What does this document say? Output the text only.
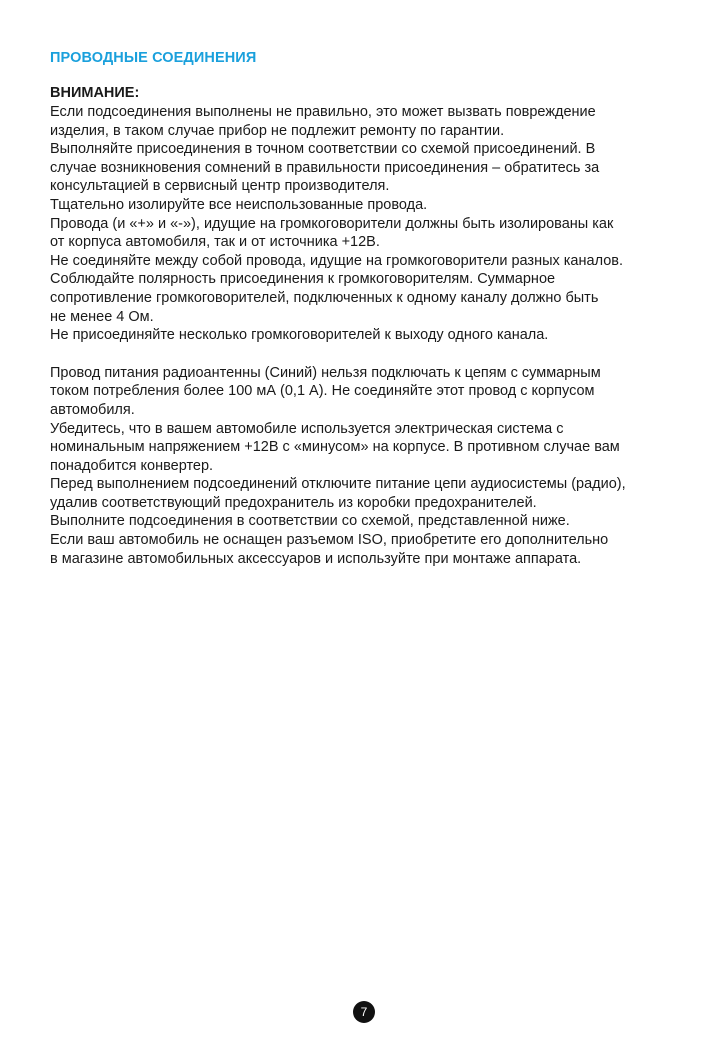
ПРОВОДНЫЕ СОЕДИНЕНИЯ
ВНИМАНИЕ:

Если подсоединения выполнены не правильно, это может вызвать повреждение

изделия, в таком случае прибор не подлежит ремонту по гарантии.

Выполняйте присоединения в точном соответствии со схемой присоединений. В

случае возникновения сомнений в правильности присоединения – обратитесь за

консультацией в сервисный центр производителя.

Тщательно изолируйте все неиспользованные провода.

Провода (и «+» и «-»), идущие на громкоговорители должны быть изолированы как

от корпуса автомобиля, так и от источника +12В.

Не соединяйте между собой провода, идущие на громкоговорители разных каналов.

Соблюдайте полярность присоединения к громкоговорителям. Суммарное

сопротивление громкоговорителей, подключенных к одному каналу должно быть

не менее 4 Ом.

Не присоединяйте несколько громкоговорителей к выходу одного канала.

Провод питания радиоантенны (Синий) нельзя подключать к цепям с суммарным

током потребления более 100 мА (0,1 А). Не соединяйте этот провод с корпусом

автомобиля.

Убедитесь, что в вашем автомобиле используется электрическая система с

номинальным напряжением +12В с «минусом» на корпусе. В противном случае вам

понадобится конвертер.

Перед выполнением подсоединений отключите питание цепи аудиосистемы (радио),

удалив соответствующий предохранитель из коробки предохранителей.

Выполните подсоединения в соответствии со схемой, представленной ниже.

Если ваш автомобиль не оснащен разъемом ISO, приобретите его дополнительно

в магазине автомобильных аксессуаров и используйте при монтаже аппарата.

7
